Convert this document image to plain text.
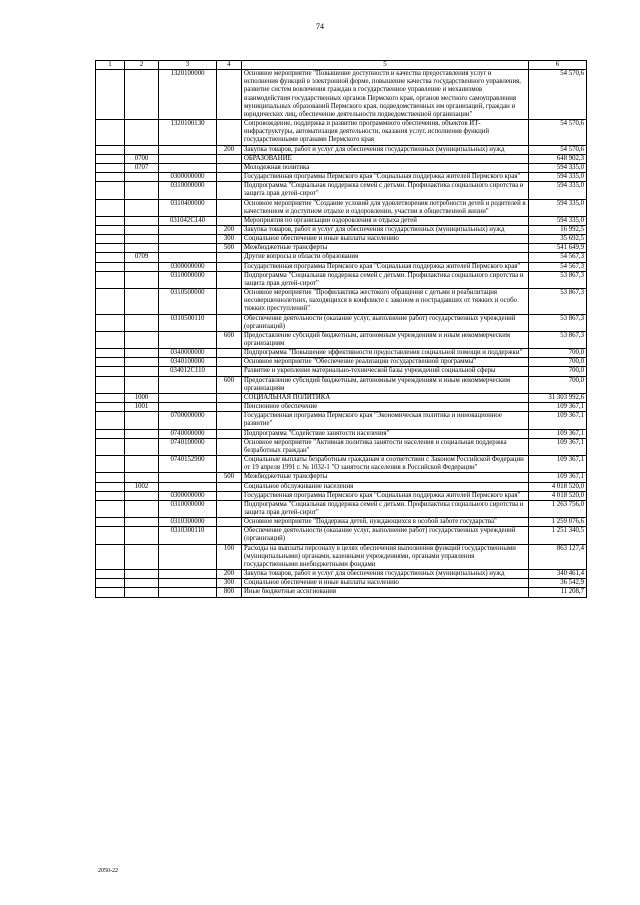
74
1	2	3	4	5	6
		1320100000		Основное мероприятие "Повышение доступности и качества предоставления услуг и исполнения функций в электронной форме, повышение качества государственного управления, развитие систем вовлечения граждан в государственное управление и механизмов взаимодействия государственных органов Пермского края, органов местного самоуправления муниципальных образований Пермского края, подведомственных им организаций, граждан и юридических лиц, обеспечение деятельности подведомственной организации"	54 570,6
		1320100130		Сопровождение, поддержка и развитие программного обеспечения, объектов ИТ-инфраструктуры, автоматизация деятельности, оказания услуг, исполнения функций государственными органами Пермского края	54 570,6
			200	Закупка товаров, работ и услуг для обеспечения государственных (муниципальных) нужд	54 570,6
	0700			ОБРАЗОВАНИЕ	648 902,3
	0707			Молодежная политика	594 335,0
		0300000000		Государственная программа Пермского края "Социальная поддержка жителей Пермского края"	594 335,0
		0310000000		Подпрограмма "Социальная поддержка семей с детьми. Профилактика социального сиротства и защита прав детей-сирот"	594 335,0
		0310400000		Основное мероприятие "Создание условий для удовлетворения потребности детей и родителей в качественном и доступном отдыхе и оздоровлении, участии в общественной жизни"	594 335,0
		031042С140		Мероприятия по организации оздоровления и отдыха детей	594 335,0
			200	Закупка товаров, работ и услуг для обеспечения государственных (муниципальных) нужд	16 992,5
			300	Социальное обеспечение и иные выплаты населению	35 692,5
			500	Межбюджетные трансферты	541 649,9
	0709			Другие вопросы в области образования	54 567,3
		0300000000		Государственная программа Пермского края "Социальная поддержка жителей Пермского края"	54 567,3
		0310000000		Подпрограмма "Социальная поддержка семей с детьми. Профилактика социального сиротства и защита прав детей-сирот"	53 867,3
		0310500000		Основное мероприятие "Профилактика жестокого обращения с детьми и реабилитация несовершеннолетних, находящихся в конфликте с законом и пострадавших от тяжких и особо тяжких преступлений"	53 867,3
		0310500110		Обеспечение деятельности (оказание услуг, выполнение работ) государственных учреждений (организаций)	53 867,3
			600	Предоставление субсидий бюджетным, автономным учреждениям и иным некоммерческим организациям	53 867,3
		0340000000		Подпрограмма "Повышение эффективности предоставления социальной помощи и поддержки"	700,0
		0340100000		Основное мероприятие "Обеспечение реализации государственной программы"	700,0
		034012С110		Развитие и укрепление материально-технической базы учреждений социальной сферы	700,0
			600	Предоставление субсидий бюджетным, автономным учреждениям и иным некоммерческим организациям	700,0
	1000			СОЦИАЛЬНАЯ ПОЛИТИКА	31 303 992,6
	1001			Пенсионное обеспечение	109 367,1
		0700000000		Государственная программа Пермского края "Экономическая политика и инновационное развитие"	109 367,1
		0740000000		Подпрограмма "Содействие занятости населения"	109 367,1
		0740100000		Основное мероприятие "Активная политика занятости населения и социальная поддержка безработных граждан"	109 367,1
		0740152900		Социальные выплаты безработным гражданам в соответствии с Законом Российской Федерации от 19 апреля 1991 г. № 1032-1 "О занятости населения в Российской Федерации"	109 367,1
			500	Межбюджетные трансферты	109 367,1
	1002			Социальное обслуживание населения	4 018 520,0
		0300000000		Государственная программа Пермского края "Социальная поддержка жителей Пермского края"	4 018 520,0
		0310000000		Подпрограмма "Социальная поддержка семей с детьми. Профилактика социального сиротства и защита прав детей-сирот"	1 263 756,0
		0310300000		Основное мероприятие "Поддержка детей, нуждающихся в особой заботе государства"	1 259 076,6
		0310300110		Обеспечение деятельности (оказание услуг, выполнение работ) государственных учреждений (организаций)	1 251 340,5
			100	Расходы на выплаты персоналу в целях обеспечения выполнения функций государственными (муниципальными) органами, казенными учреждениями, органами управления государственными внебюджетными фондами	863 127,4
			200	Закупка товаров, работ и услуг для обеспечения государственных (муниципальных) нужд	340 461,4
			300	Социальное обеспечение и иные выплаты населению	36 542,9
			800	Иные бюджетные ассигнования	11 208,7
2050-22
